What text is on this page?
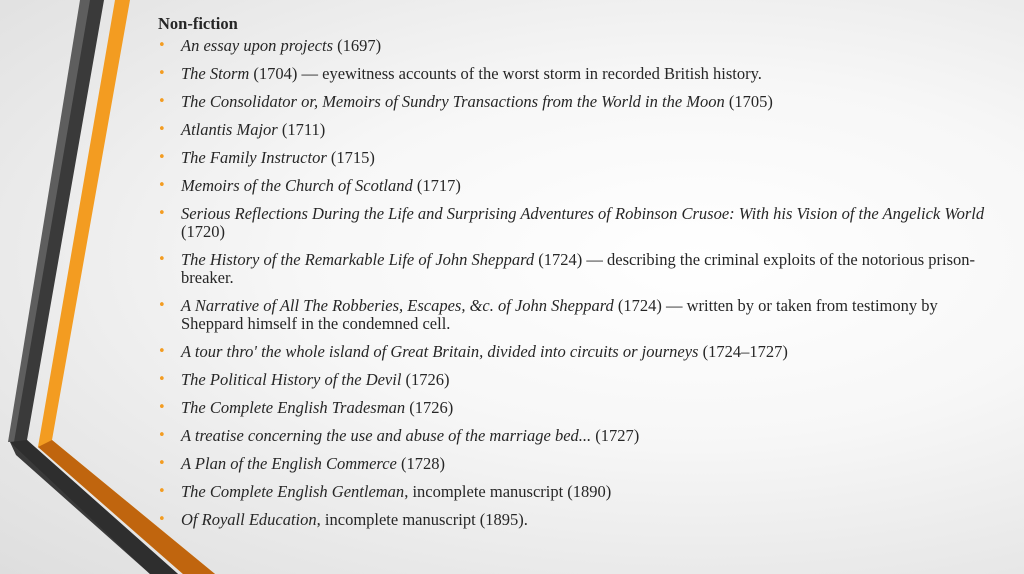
Non-fiction
• An essay upon projects (1697)
• The Storm (1704) — eyewitness accounts of the worst storm in recorded British history.
• The Consolidator or, Memoirs of Sundry Transactions from the World in the Moon (1705)
• Atlantis Major (1711)
• The Family Instructor (1715)
• Memoirs of the Church of Scotland (1717)
• Serious Reflections During the Life and Surprising Adventures of Robinson Crusoe: With his Vision of the Angelick World (1720)
• The History of the Remarkable Life of John Sheppard (1724) — describing the criminal exploits of the notorious prison-breaker.
• A Narrative of All The Robberies, Escapes, &c. of John Sheppard (1724) — written by or taken from testimony by Sheppard himself in the condemned cell.
• A tour thro' the whole island of Great Britain, divided into circuits or journeys (1724–1727)
• The Political History of the Devil (1726)
• The Complete English Tradesman (1726)
• A treatise concerning the use and abuse of the marriage bed... (1727)
• A Plan of the English Commerce (1728)
• The Complete English Gentleman, incomplete manuscript (1890)
• Of Royall Education, incomplete manuscript (1895).
